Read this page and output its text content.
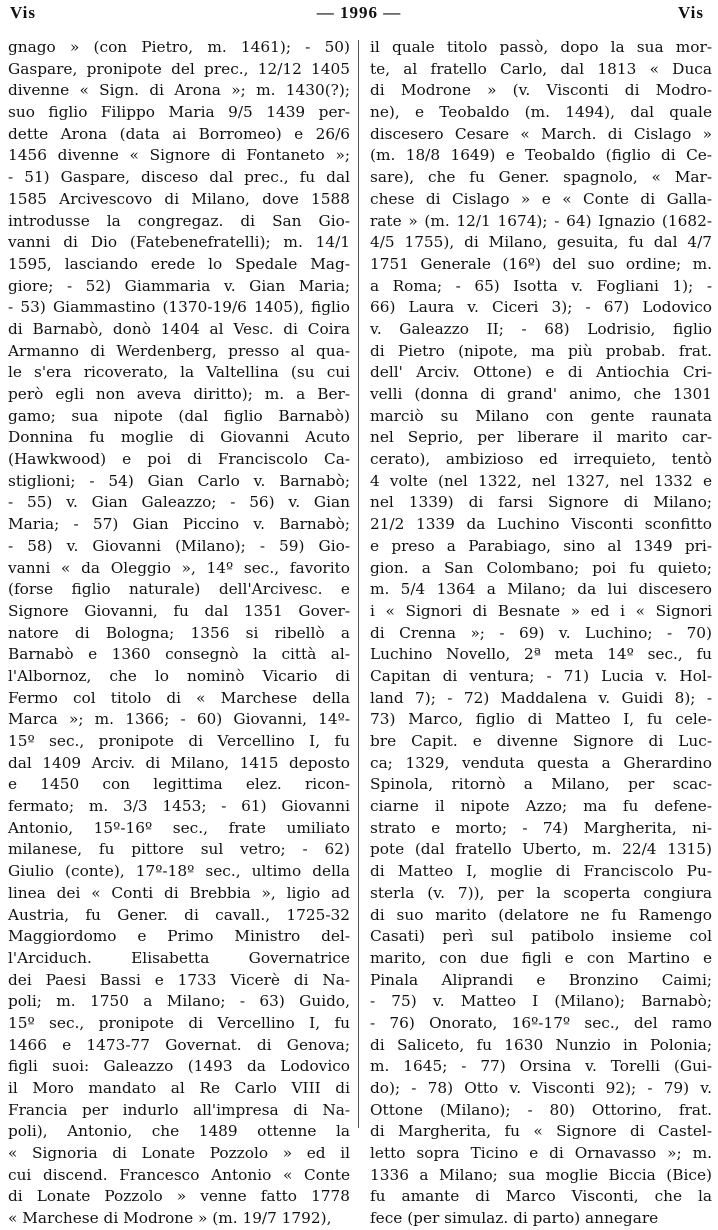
Vis	— 1996 —	Vis
gnago » (con Pietro, m. 1461); - 50)
Gaspare, pronipote del prec., 12/12 1405
divenne « Sign. di Arona »; m. 1430(?);
suo figlio Filippo Maria 9/5 1439 per-
dette Arona (data ai Borromeo) e 26/6
1456 divenne « Signore di Fontaneto »;
- 51) Gaspare, disceso dal prec., fu dal
1585 Arcivescovo di Milano, dove 1588
introdusse la congregaz. di San Gio-
vanni di Dio (Fatebenefratelli); m. 14/1
1595, lasciando erede lo Spedale Mag-
giore; - 52) Giammaria v. Gian Maria;
- 53) Giammastino (1370-19/6 1405), figlio
di Barnabò, donò 1404 al Vesc. di Coira
Armanno di Werdenberg, presso al qua-
le s'era ricoverato, la Valtellina (su cui
però egli non aveva diritto); m. a Ber-
gamo; sua nipote (dal figlio Barnabò)
Donnina fu moglie di Giovanni Acuto
(Hawkwood) e poi di Franciscolo Ca-
stiglioni; - 54) Gian Carlo v. Barnabò;
- 55) v. Gian Galeazzo; - 56) v. Gian
Maria; - 57) Gian Piccino v. Barnabò;
- 58) v. Giovanni (Milano); - 59) Gio-
vanni « da Oleggio », 14º sec., favorito
(forse figlio naturale) dell'Arcivesc. e
Signore Giovanni, fu dal 1351 Gover-
natore di Bologna; 1356 si ribellò a
Barnabò e 1360 consegnò la città al-
l'Albornoz, che lo nominò Vicario di
Fermo col titolo di « Marchese della
Marca »; m. 1366; - 60) Giovanni, 14º-
15º sec., pronipote di Vercellino I, fu
dal 1409 Arciv. di Milano, 1415 deposto
e 1450 con legittima elez. ricon-
fermato; m. 3/3 1453; - 61) Giovanni
Antonio, 15º-16º sec., frate umiliato
milanese, fu pittore sul vetro; - 62)
Giulio (conte), 17º-18º sec., ultimo della
linea dei « Conti di Brebbia », ligio ad
Austria, fu Gener. di cavall., 1725-32
Maggiordomo e Primo Ministro del-
l'Arciduch. Elisabetta Governatrice
dei Paesi Bassi e 1733 Vicerè di Na-
poli; m. 1750 a Milano; - 63) Guido,
15º sec., pronipote di Vercellino I, fu
1466 e 1473-77 Governat. di Genova;
figli suoi: Galeazzo (1493 da Lodovico
il Moro mandato al Re Carlo VIII di
Francia per indurlo all'impresa di Na-
poli), Antonio, che 1489 ottenne la
« Signoria di Lonate Pozzolo » ed il
cui discend. Francesco Antonio « Conte
di Lonate Pozzolo » venne fatto 1778
« Marchese di Modrone » (m. 19/7 1792),
il quale titolo passò, dopo la sua mor-
te, al fratello Carlo, dal 1813 « Duca
di Modrone » (v. Visconti di Modro-
ne), e Teobaldo (m. 1494), dal quale
discesero Cesare « March. di Cislago »
(m. 18/8 1649) e Teobaldo (figlio di Ce-
sare), che fu Gener. spagnolo, « Mar-
chese di Cislago » e « Conte di Galla-
rate » (m. 12/1 1674); - 64) Ignazio (1682-
4/5 1755), di Milano, gesuita, fu dal 4/7
1751 Generale (16º) del suo ordine; m.
a Roma; - 65) Isotta v. Fogliani 1); -
66) Laura v. Ciceri 3); - 67) Lodovico
v. Galeazzo II; - 68) Lodrisio, figlio
di Pietro (nipote, ma più probab. frat.
dell' Arciv. Ottone) e di Antiochia Cri-
velli (donna di grand' animo, che 1301
marciò su Milano con gente raunata
nel Seprio, per liberare il marito car-
cerato), ambizioso ed irrequieto, tentò
4 volte (nel 1322, nel 1327, nel 1332 e
nel 1339) di farsi Signore di Milano;
21/2 1339 da Luchino Visconti sconfitto
e preso a Parabiago, sino al 1349 pri-
gion. a San Colombano; poi fu quieto;
m. 5/4 1364 a Milano; da lui discesero
i « Signori di Besnate » ed i « Signori
di Crenna »; - 69) v. Luchino; - 70)
Luchino Novello, 2ª meta 14º sec., fu
Capitan di ventura; - 71) Lucia v. Hol-
land 7); - 72) Maddalena v. Guidi 8); -
73) Marco, figlio di Matteo I, fu cele-
bre Capit. e divenne Signore di Luc-
ca; 1329, venduta questa a Gherardino
Spinola, ritornò a Milano, per scac-
ciarne il nipote Azzo; ma fu defene-
strato e morto; - 74) Margherita, ni-
pote (dal fratello Uberto, m. 22/4 1315)
di Matteo I, moglie di Franciscolo Pu-
sterla (v. 7)), per la scoperta congiura
di suo marito (delatore ne fu Ramengo
Casati) perì sul patibolo insieme col
marito, con due figli e con Martino e
Pinala Aliprandi e Bronzino Caimi;
- 75) v. Matteo I (Milano); Barnabò;
- 76) Onorato, 16º-17º sec., del ramo
di Saliceto, fu 1630 Nunzio in Polonia;
m. 1645; - 77) Orsina v. Torelli (Gui-
do); - 78) Otto v. Visconti 92); - 79) v.
Ottone (Milano); - 80) Ottorino, frat.
di Margherita, fu « Signore di Castel-
letto sopra Ticino e di Ornavasso »; m.
1336 a Milano; sua moglie Biccia (Bice)
fu amante di Marco Visconti, che la
fece (per simulaz. di parto) annegare
